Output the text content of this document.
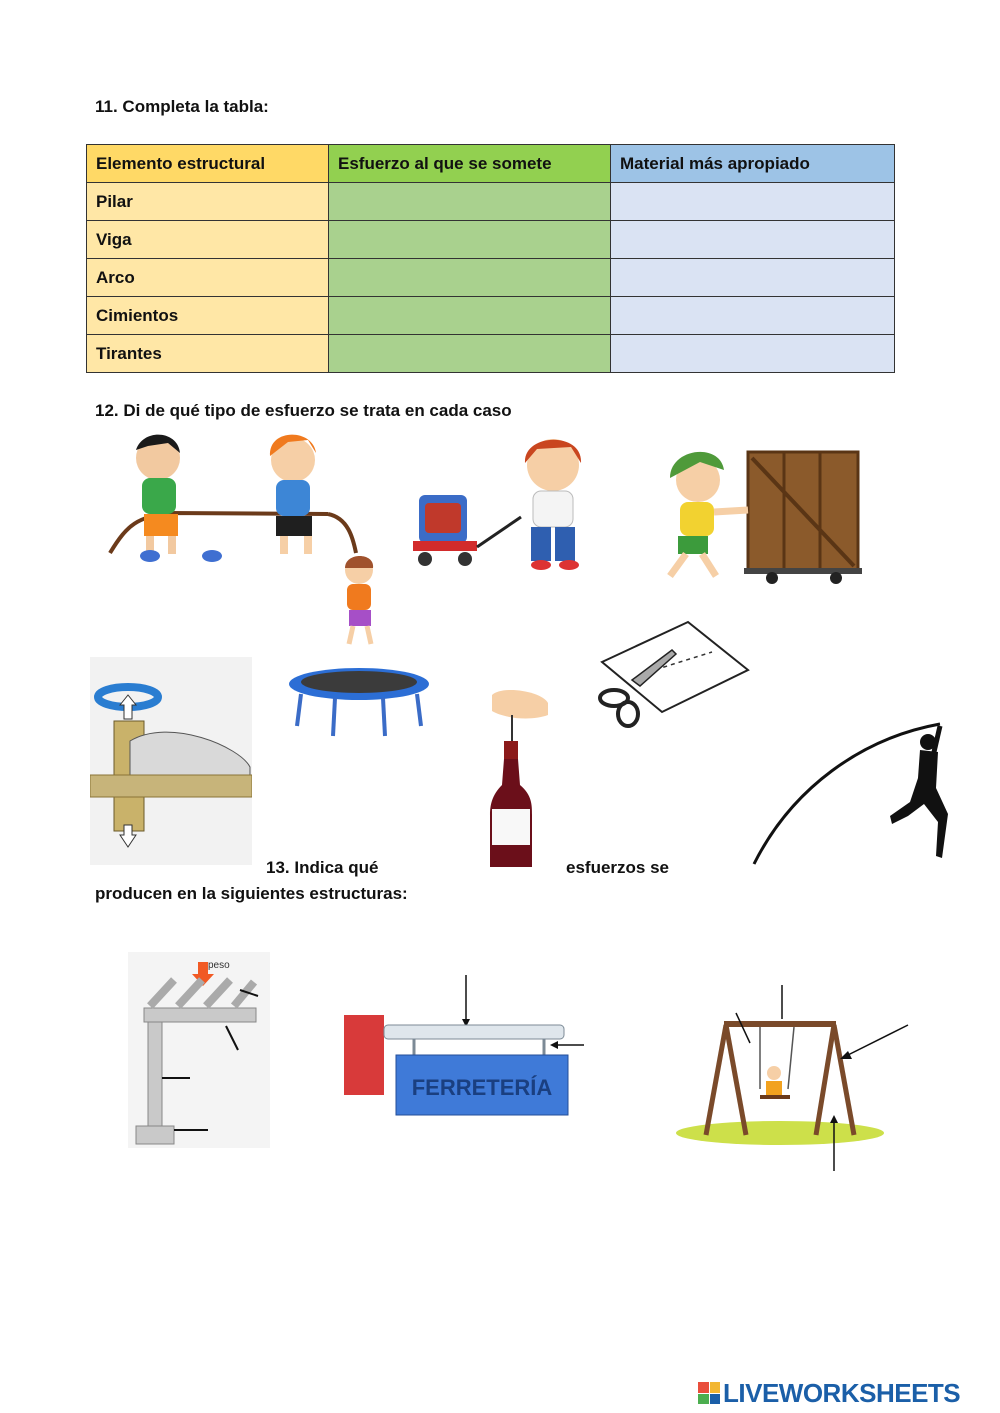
11. Completa la tabla:
Elemento estructural	Esfuerzo al que se somete	Material más apropiado
Pilar		
Viga		
Arco		
Cimientos		
Tirantes		
12. Di de qué tipo de esfuerzo se trata en cada caso
13. Indica qué	esfuerzos se
producen en la siguientes estructuras:
peso
FERRETERÍA
LIVEWORKSHEETS
